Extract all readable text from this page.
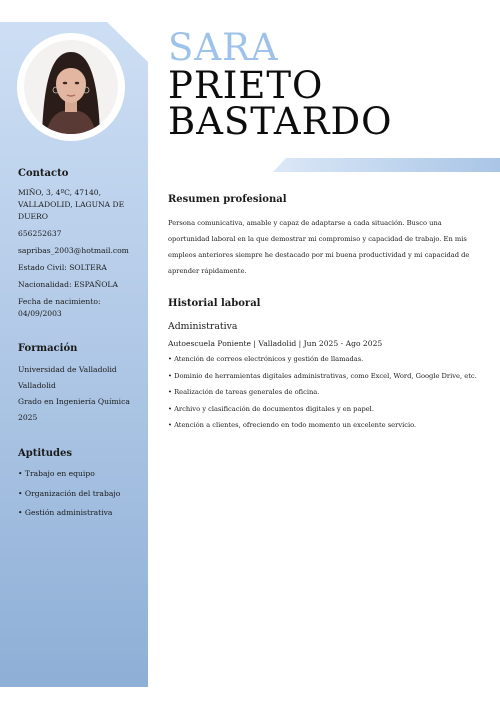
Contacto

MIÑO, 3, 4ºC, 47140, VALLADOLID, LAGUNA DE DUERO

656252637

sapribas_2003@hotmail.com

Estado Civil: SOLTERA

Nacionalidad: ESPAÑOLA

Fecha de nacimiento: 04/09/2003

Formación

Universidad de Valladolid

Valladolid

Grado en Ingeniería Química

2025

Aptitudes

• Trabajo en equipo
• Organización del trabajo
• Gestión administrativa
SARA
PRIETO
BASTARDO

Resumen profesional

Persona comunicativa, amable y capaz de adaptarse a cada situación. Busco una oportunidad laboral en la que demostrar mi compromiso y capacidad de trabajo. En mis empleos anteriores siempre he destacado por mi buena productividad y mi capacidad de aprender rápidamente.

Historial laboral

Administrativa

Autoescuela Poniente | Valladolid | Jun 2025 - Ago 2025

• Atención de correos electrónicos y gestión de llamadas.
• Dominio de herramientas digitales administrativas, como Excel, Word, Google Drive, etc.
• Realización de tareas generales de oficina.
• Archivo y clasificación de documentos digitales y en papel.
• Atención a clientes, ofreciendo en todo momento un excelente servicio.
